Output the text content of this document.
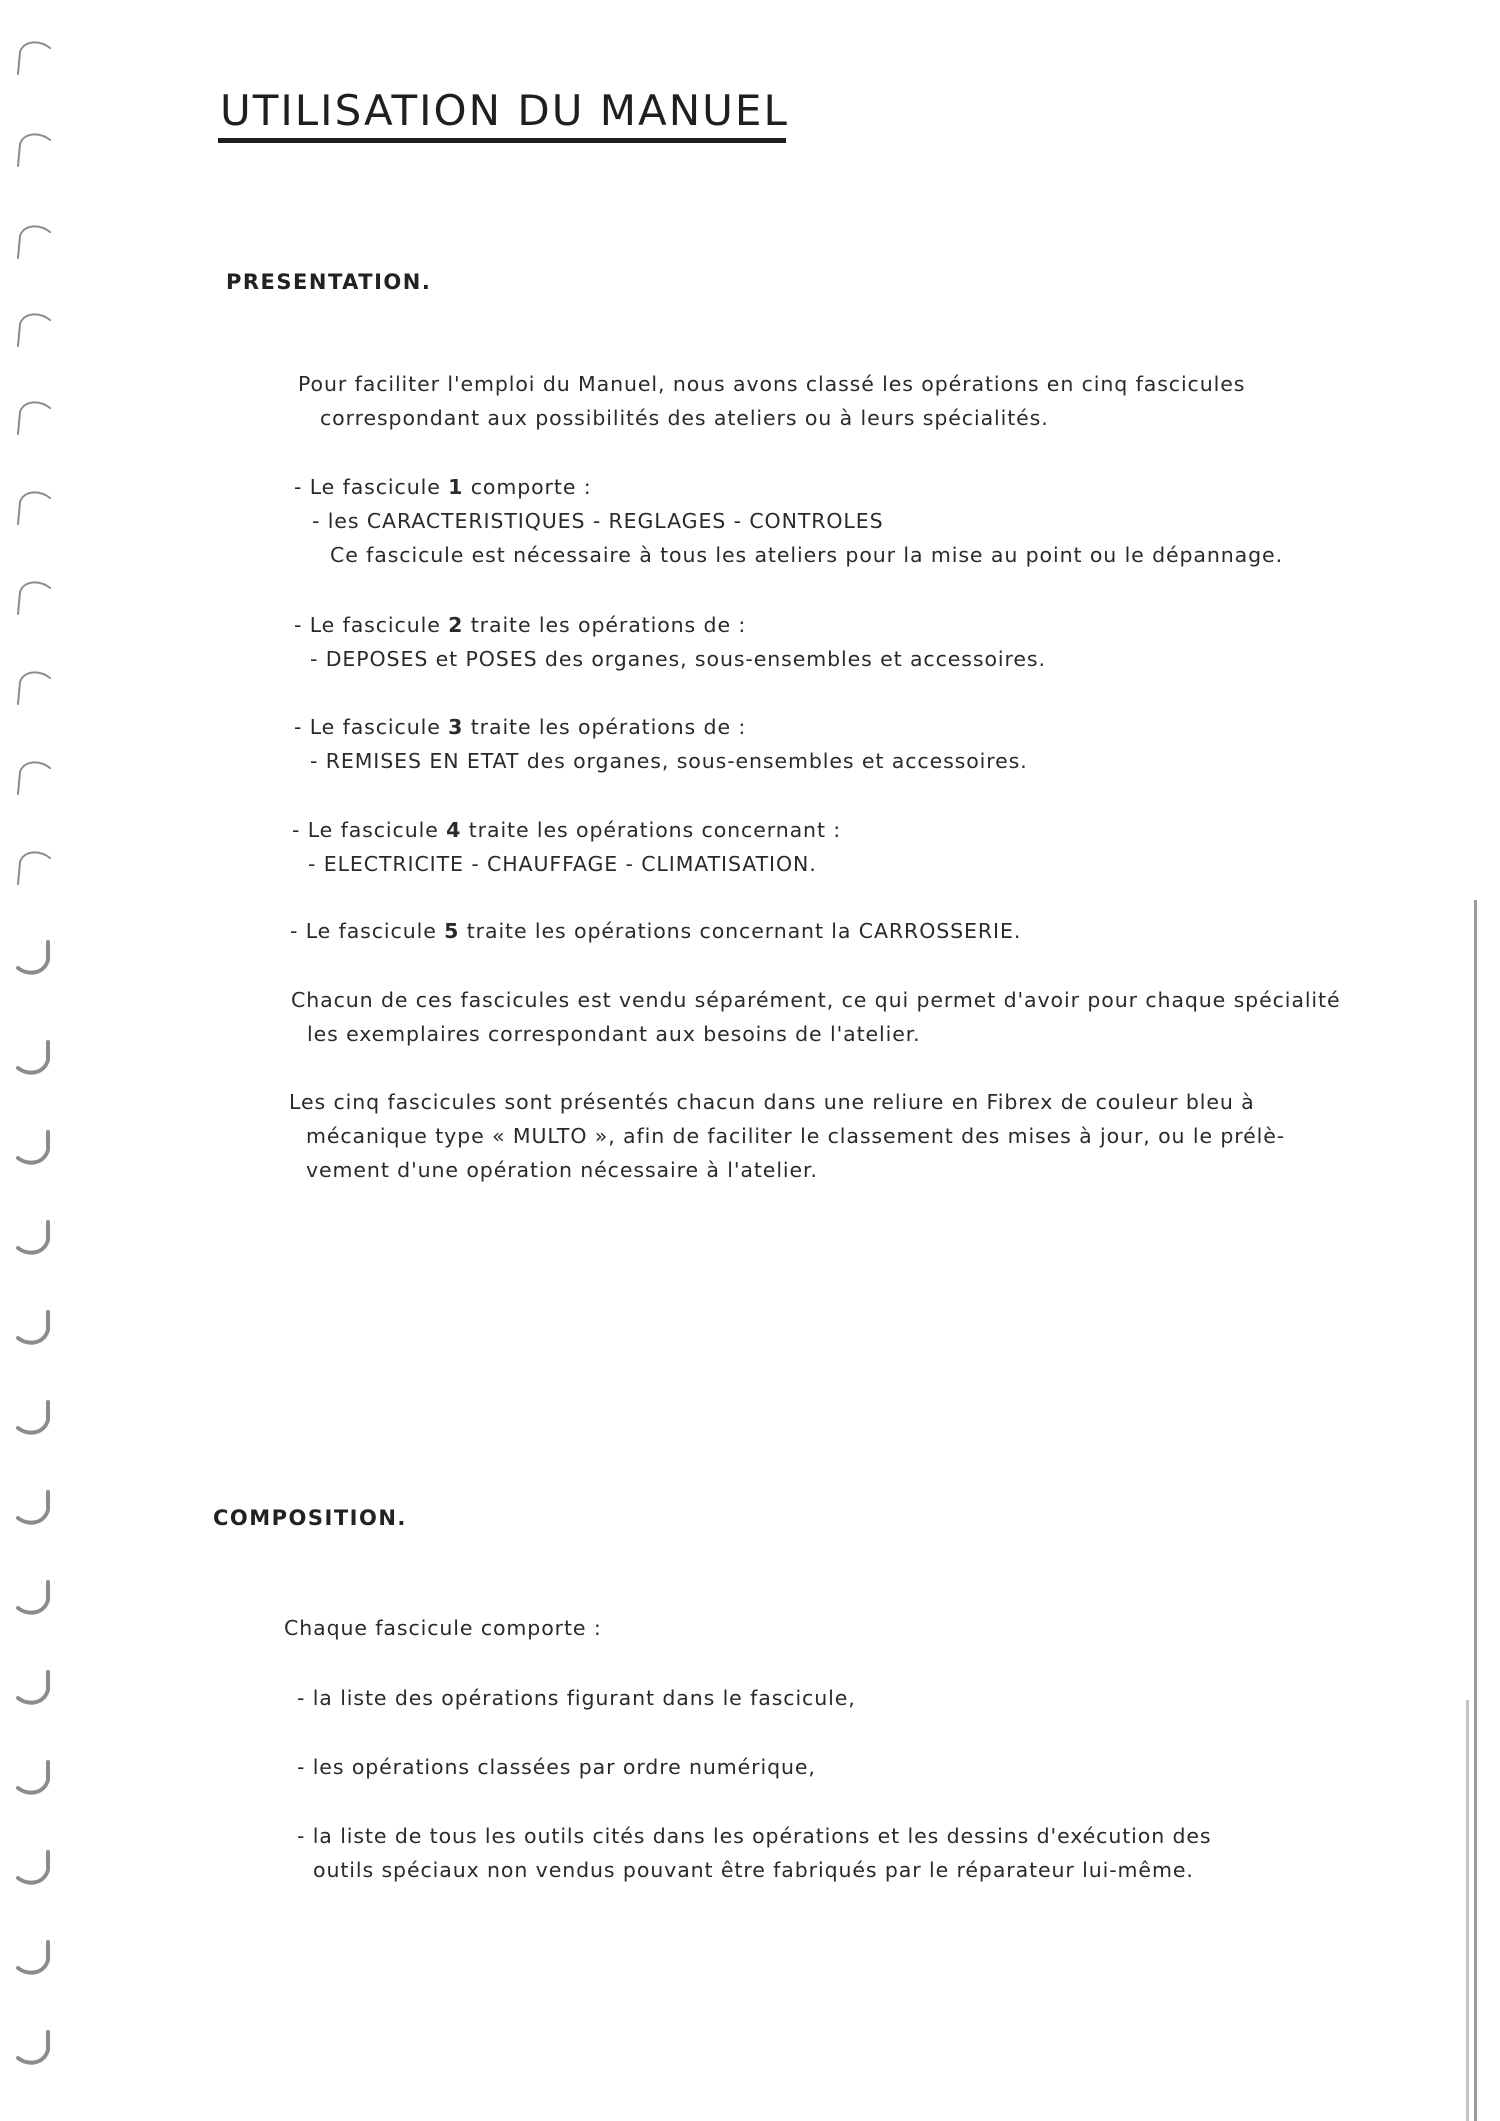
UTILISATION DU MANUEL
PRESENTATION.

Pour faciliter l'emploi du Manuel, nous avons classé les opérations en cinq fascicules
correspondant aux possibilités des ateliers ou à leurs spécialités.

- Le fascicule 1 comporte :
- les CARACTERISTIQUES - REGLAGES - CONTROLES
Ce fascicule est nécessaire à tous les ateliers pour la mise au point ou le dépannage.

- Le fascicule 2 traite les opérations de :
- DEPOSES et POSES des organes, sous-ensembles et accessoires.

- Le fascicule 3 traite les opérations de :
- REMISES EN ETAT des organes, sous-ensembles et accessoires.

- Le fascicule 4 traite les opérations concernant :
- ELECTRICITE - CHAUFFAGE - CLIMATISATION.

- Le fascicule 5 traite les opérations concernant la CARROSSERIE.

Chacun de ces fascicules est vendu séparément, ce qui permet d'avoir pour chaque spécialité
les exemplaires correspondant aux besoins de l'atelier.

Les cinq fascicules sont présentés chacun dans une reliure en Fibrex de couleur bleu à
mécanique type « MULTO », afin de faciliter le classement des mises à jour, ou le prélè-
vement d'une opération nécessaire à l'atelier.

COMPOSITION.

Chaque fascicule comporte :

- la liste des opérations figurant dans le fascicule,

- les opérations classées par ordre numérique,

- la liste de tous les outils cités dans les opérations et les dessins d'exécution des
outils spéciaux non vendus pouvant être fabriqués par le réparateur lui-même.
